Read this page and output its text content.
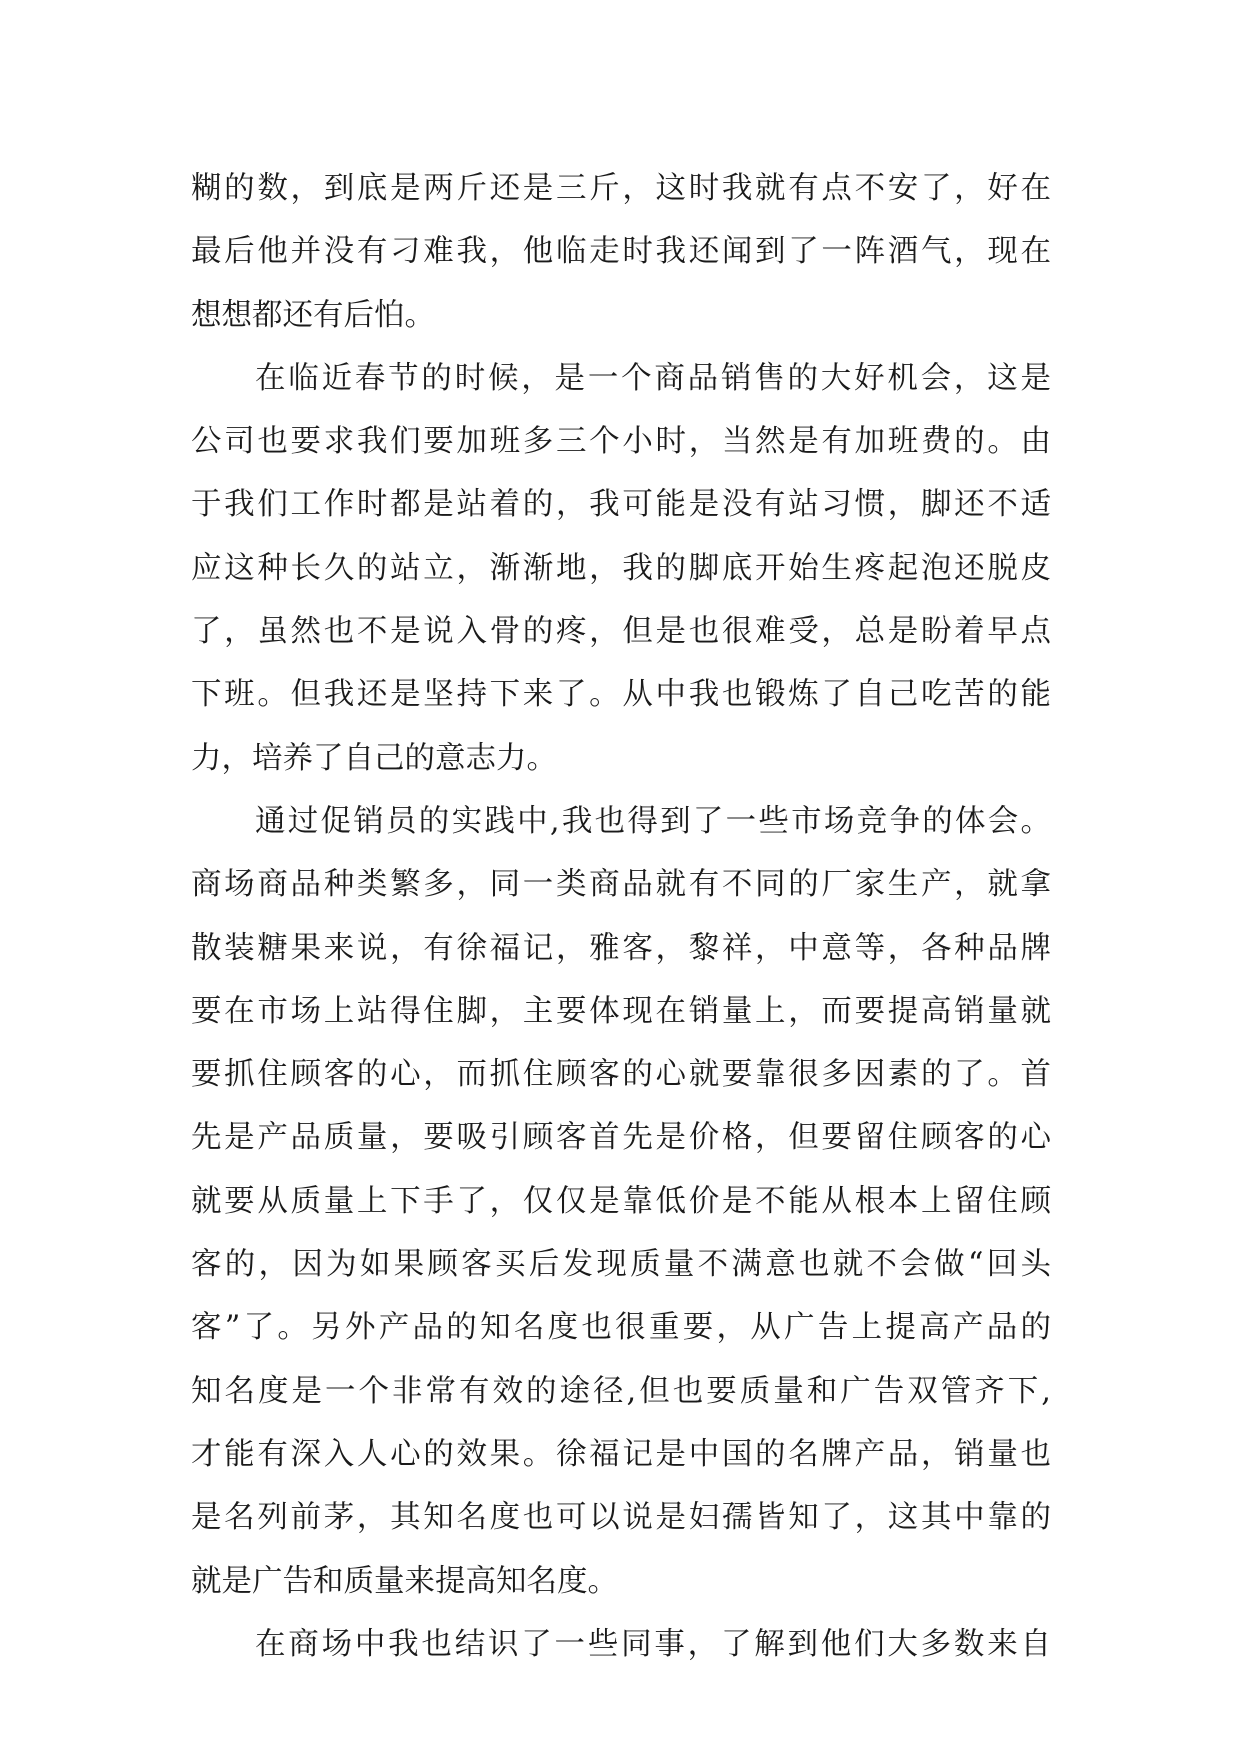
糊的数，到底是两斤还是三斤，这时我就有点不安了，好在
最后他并没有刁难我，他临走时我还闻到了一阵酒气，现在
想想都还有后怕。
在临近春节的时候，是一个商品销售的大好机会，这是
公司也要求我们要加班多三个小时，当然是有加班费的。由
于我们工作时都是站着的，我可能是没有站习惯，脚还不适
应这种长久的站立，渐渐地，我的脚底开始生疼起泡还脱皮
了，虽然也不是说入骨的疼，但是也很难受，总是盼着早点
下班。但我还是坚持下来了。从中我也锻炼了自己吃苦的能
力，培养了自己的意志力。
通过促销员的实践中,我也得到了一些市场竞争的体会。
商场商品种类繁多，同一类商品就有不同的厂家生产，就拿
散装糖果来说，有徐福记，雅客，黎祥，中意等，各种品牌
要在市场上站得住脚，主要体现在销量上，而要提高销量就
要抓住顾客的心，而抓住顾客的心就要靠很多因素的了。首
先是产品质量，要吸引顾客首先是价格，但要留住顾客的心
就要从质量上下手了，仅仅是靠低价是不能从根本上留住顾
客的，因为如果顾客买后发现质量不满意也就不会做“回头
客”了。另外产品的知名度也很重要，从广告上提高产品的
知名度是一个非常有效的途径,但也要质量和广告双管齐下,
才能有深入人心的效果。徐福记是中国的名牌产品，销量也
是名列前茅，其知名度也可以说是妇孺皆知了，这其中靠的
就是广告和质量来提高知名度。
在商场中我也结识了一些同事，了解到他们大多数来自
